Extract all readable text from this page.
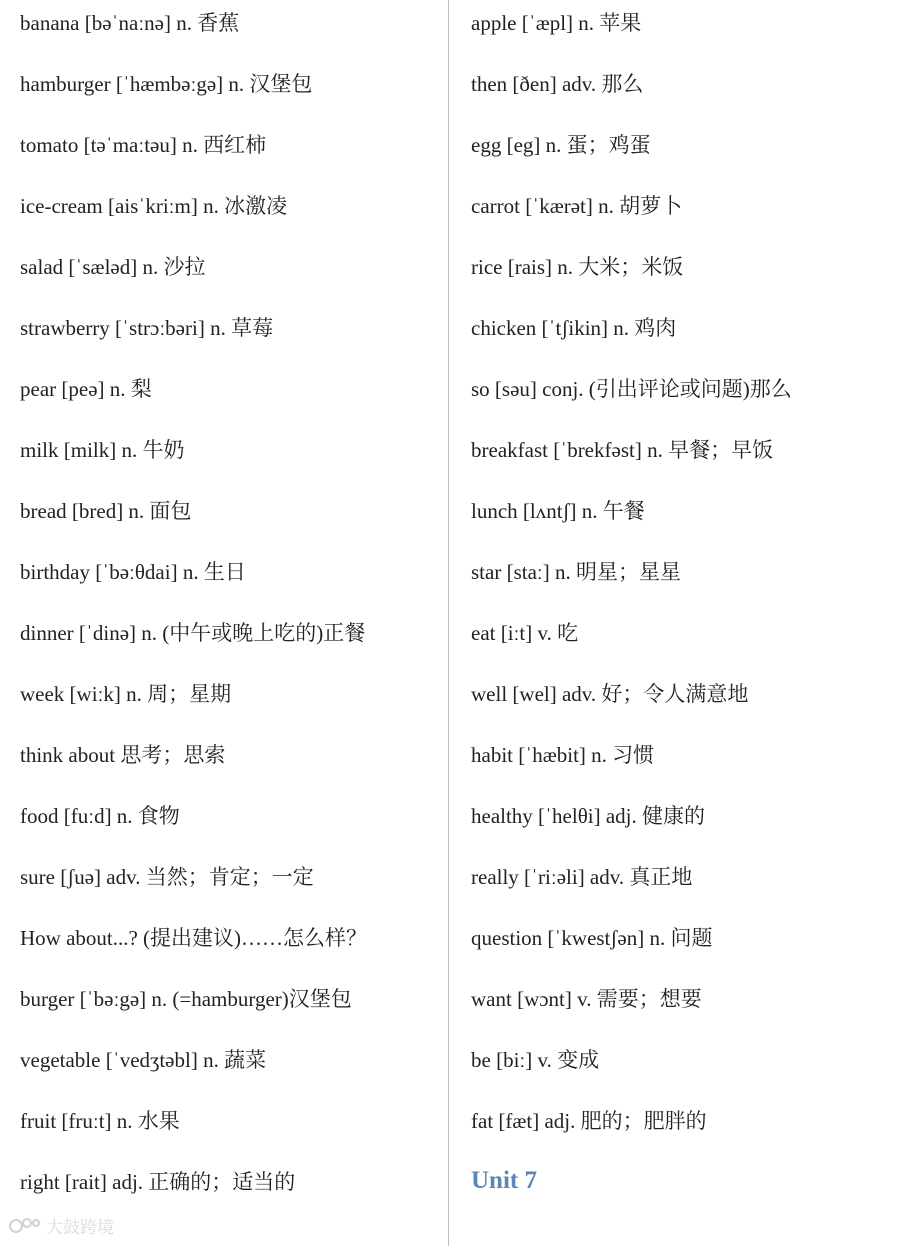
banana [bəˈnaːnə] n. 香蕉
hamburger [ˈhæmbəːgə] n. 汉堡包
tomato [təˈmaːtəu] n. 西红柿
ice-cream [aisˈkriːm] n. 冰激凌
salad [ˈsæləd] n. 沙拉
strawberry [ˈstrɔːbəri] n. 草莓
pear [peə] n. 梨
milk [milk] n. 牛奶
bread [bred] n. 面包
birthday [ˈbəːθdai] n. 生日
dinner [ˈdinə] n. (中午或晚上吃的)正餐
week [wiːk] n. 周；星期
think about 思考；思索
food [fuːd] n. 食物
sure [ʃuə] adv. 当然；肯定；一定
How about...? (提出建议)……怎么样？
burger [ˈbəːgə] n. (=hamburger)汉堡包
vegetable [ˈvedʒtəbl] n. 蔬菜
fruit [fruːt] n. 水果
right [rait] adj. 正确的；适当的
apple [ˈæpl] n. 苹果
then [ðen] adv. 那么
egg [eg] n. 蛋；鸡蛋
carrot [ˈkærət] n. 胡萝卜
rice [rais] n. 大米；米饭
chicken [ˈtʃikin] n. 鸡肉
so [səu] conj. (引出评论或问题)那么
breakfast [ˈbrekfəst] n. 早餐；早饭
lunch [lʌntʃ] n. 午餐
star [staː] n. 明星；星星
eat [iːt] v. 吃
well [wel] adv. 好；令人满意地
habit [ˈhæbit] n. 习惯
healthy [ˈhelθi] adj. 健康的
really [ˈriːəli] adv. 真正地
question [ˈkwestʃən] n. 问题
want [wɔnt] v. 需要；想要
be [biː] v. 变成
fat [fæt] adj. 肥的；肥胖的
Unit 7
大鼓跨境
